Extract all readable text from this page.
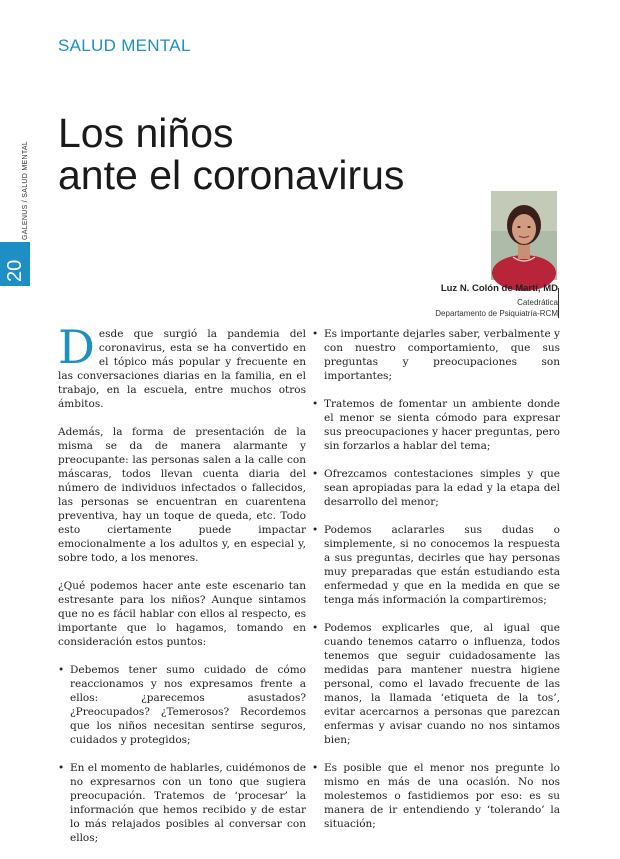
SALUD MENTAL
GALENUS / SALUD MENTAL
20
Los niños
ante el coronavirus
Luz N. Colón de Martí, MD
Catedrática
Departamento de Psiquiatría-RCM

Desde que surgió la pandemia del coronavirus, esta se ha convertido en el tópico más popular y frecuente en las conversaciones diarias en la familia, en el trabajo, en la escuela, entre muchos otros ámbitos.

Además, la forma de presentación de la misma se da de manera alarmante y preocupante: las personas salen a la calle con máscaras, todos llevan cuenta diaria del número de individuos infectados o fallecidos, las personas se encuentran en cuarentena preventiva, hay un toque de queda, etc. Todo esto ciertamente puede impactar emocionalmente a los adultos y, en especial y, sobre todo, a los menores.

¿Qué podemos hacer ante este escenario tan estresante para los niños? Aunque sintamos que no es fácil hablar con ellos al respecto, es importante que lo hagamos, tomando en consideración estos puntos:

• Debemos tener sumo cuidado de cómo reaccionamos y nos expresamos frente a ellos: ¿parecemos asustados? ¿Preocupados? ¿Temerosos? Recordemos que los niños necesitan sentirse seguros, cuidados y protegidos;
• En el momento de hablarles, cuidémonos de no expresarnos con un tono que sugiera preocupación. Tratemos de ‘procesar’ la información que hemos recibido y de estar lo más relajados posibles al conversar con ellos;
• Es importante dejarles saber, verbalmente y con nuestro comportamiento, que sus preguntas y preocupaciones son importantes;
• Tratemos de fomentar un ambiente donde el menor se sienta cómodo para expresar sus preocupaciones y hacer preguntas, pero sin forzarlos a hablar del tema;
• Ofrezcamos contestaciones simples y que sean apropiadas para la edad y la etapa del desarrollo del menor;
• Podemos aclararles sus dudas o simplemente, si no conocemos la respuesta a sus preguntas, decirles que hay personas muy preparadas que están estudiando esta enfermedad y que en la medida en que se tenga más información la compartiremos;
• Podemos explicarles que, al igual que cuando tenemos catarro o influenza, todos tenemos que seguir cuidadosamente las medidas para mantener nuestra higiene personal, como el lavado frecuente de las manos, la llamada ‘etiqueta de la tos’, evitar acercarnos a personas que parezcan enfermas y avisar cuando no nos sintamos bien;
• Es posible que el menor nos pregunte lo mismo en más de una ocasión. No nos molestemos o fastidiemos por eso: es su manera de ir entendiendo y ‘tolerando’ la situación;
